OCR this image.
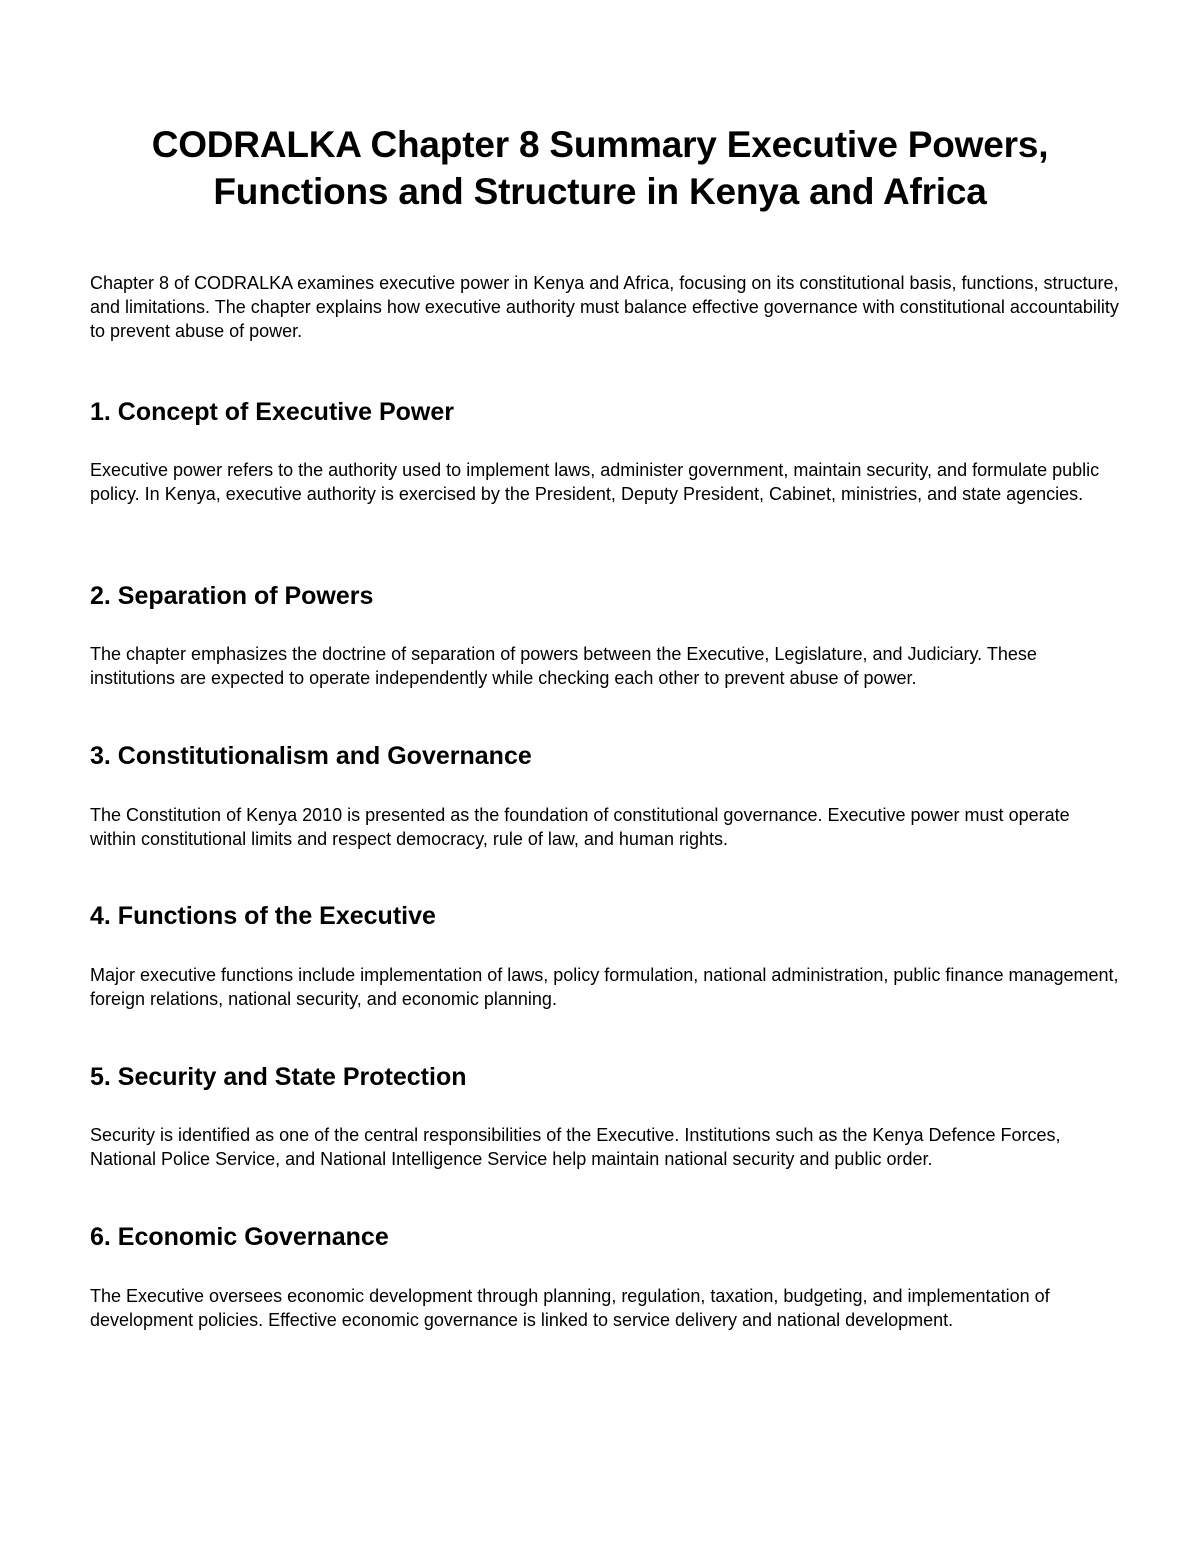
CODRALKA Chapter 8 Summary Executive Powers, Functions and Structure in Kenya and Africa

Chapter 8 of CODRALKA examines executive power in Kenya and Africa, focusing on its constitutional basis, functions, structure, and limitations. The chapter explains how executive authority must balance effective governance with constitutional accountability to prevent abuse of power.

1. Concept of Executive Power

Executive power refers to the authority used to implement laws, administer government, maintain security, and formulate public policy. In Kenya, executive authority is exercised by the President, Deputy President, Cabinet, ministries, and state agencies.

2. Separation of Powers

The chapter emphasizes the doctrine of separation of powers between the Executive, Legislature, and Judiciary. These institutions are expected to operate independently while checking each other to prevent abuse of power.

3. Constitutionalism and Governance

The Constitution of Kenya 2010 is presented as the foundation of constitutional governance. Executive power must operate within constitutional limits and respect democracy, rule of law, and human rights.

4. Functions of the Executive

Major executive functions include implementation of laws, policy formulation, national administration, public finance management, foreign relations, national security, and economic planning.

5. Security and State Protection

Security is identified as one of the central responsibilities of the Executive. Institutions such as the Kenya Defence Forces, National Police Service, and National Intelligence Service help maintain national security and public order.

6. Economic Governance

The Executive oversees economic development through planning, regulation, taxation, budgeting, and implementation of development policies. Effective economic governance is linked to service delivery and national development.
